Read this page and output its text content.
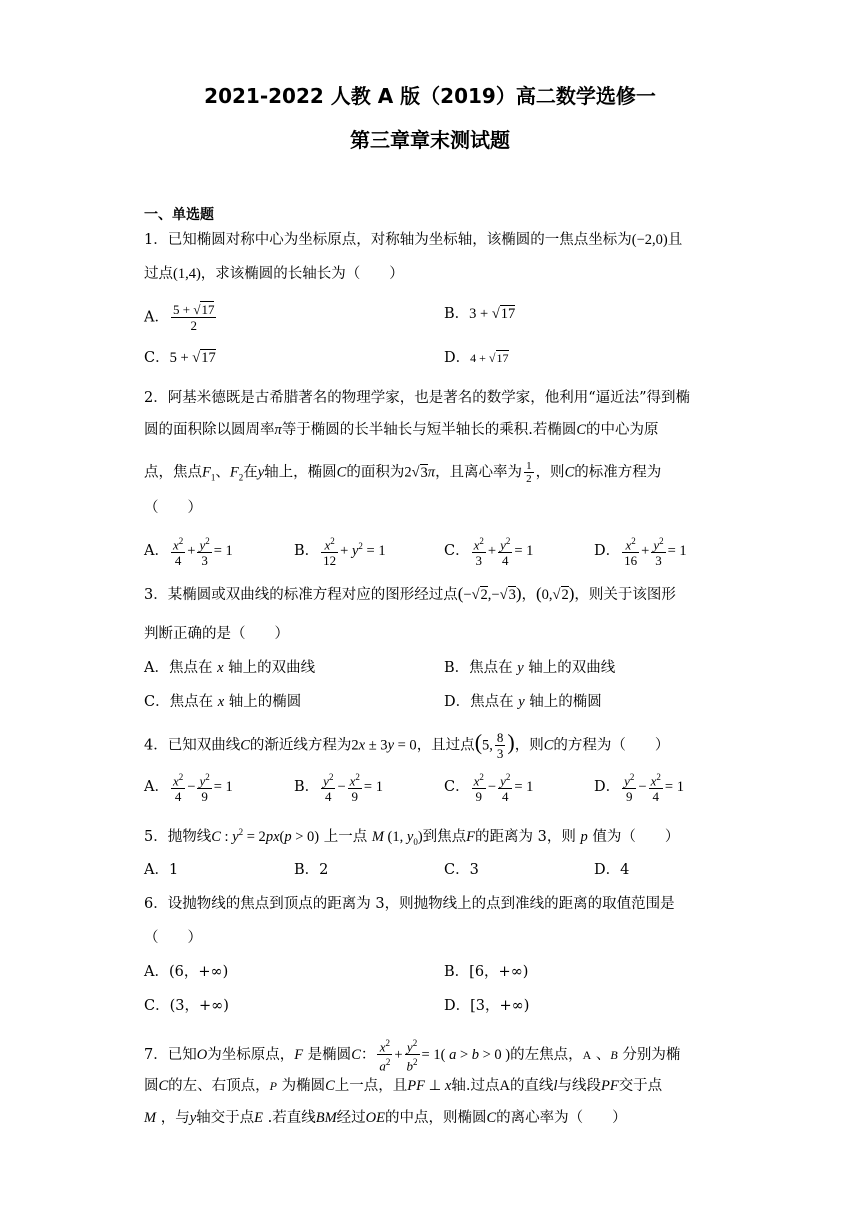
2021-2022 人教 A 版（2019）高二数学选修一
第三章章末测试题
一、单选题
1．已知椭圆对称中心为坐标原点，对称轴为坐标轴，该椭圆的一焦点坐标为(−2,0)且
过点(1,4)，求该椭圆的长轴长为（　　）
A． $\frac{5 + √17}{2}$	B．3 + √17
C．5 + √17	D．4 + √17
2．阿基米德既是古希腊著名的物理学家，也是著名的数学家，他利用“逼近法”得到椭
圆的面积除以圆周率π等于椭圆的长半轴长与短半轴长的乘积.若椭圆C的中心为原
点，焦点$F_1$、$F_2$在y轴上，椭圆C的面积为2√3π，且离心率为 $\frac{1}{2}$ ，则C的标准方程为
（　　）
A． $\frac{x^2}{4} + \frac{y^2}{3} = 1$	B． $\frac{x^2}{12} + y^2 = 1$	C． $\frac{x^2}{3} + \frac{y^2}{4} = 1$	D． $\frac{x^2}{16} + \frac{y^2}{3} = 1$
3．某椭圆或双曲线的标准方程对应的图形经过点(−√2,−√3)，(0,√2)，则关于该图形
判断正确的是（　　）
A．焦点在 x 轴上的双曲线	B．焦点在 y 轴上的双曲线
C．焦点在 x 轴上的椭圆	D．焦点在 y 轴上的椭圆
4．已知双曲线C的渐近线方程为2x ± 3y = 0，且过点(5, $\frac{8}{3}$ )，则C的方程为（　　）
A． $\frac{x^2}{4} - \frac{y^2}{9} = 1$	B． $\frac{y^2}{4} - \frac{x^2}{9} = 1$	C． $\frac{x^2}{9} - \frac{y^2}{4} = 1$	D． $\frac{y^2}{9} - \frac{x^2}{4} = 1$
5．抛物线C : $y^2 = 2px(p > 0)$ 上一点 M (1, $y_0$)到焦点F的距离为 3，则 p 值为（　　）
A．1	B．2	C．3	D．4
6．设抛物线的焦点到顶点的距离为 3，则抛物线上的点到准线的距离的取值范围是
（　　）
A．(6，+∞)	B．[6，+∞)
C．(3，+∞)	D．[3，+∞)
7．已知O为坐标原点，F 是椭圆C： $\frac{x^2}{a^2} + \frac{y^2}{b^2} = 1$( a > b > 0 )的左焦点，A 、B 分别为椭
圆C的左、右顶点，P 为椭圆C上一点，且PF ⊥ x轴.过点A的直线l与线段PF交于点
M ，与y轴交于点E .若直线BM经过OE的中点，则椭圆C的离心率为（　　）
